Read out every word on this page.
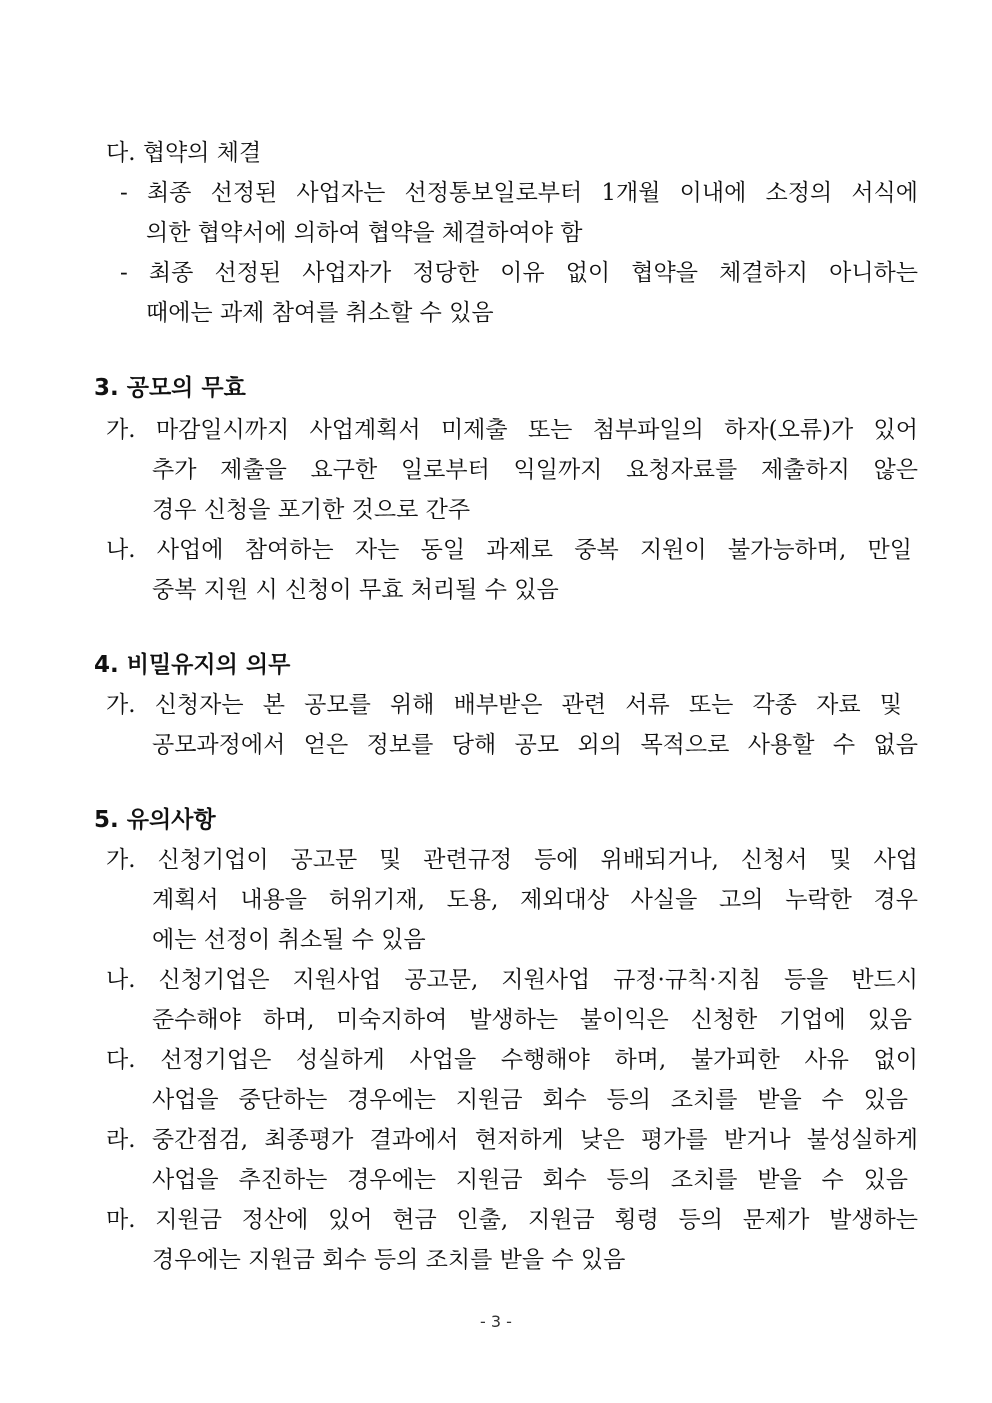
다. 협약의 체결
- 최종 선정된 사업자는 선정통보일로부터 1개월 이내에 소정의 서식에
의한 협약서에 의하여 협약을 체결하여야 함
- 최종 선정된 사업자가 정당한 이유 없이 협약을 체결하지 아니하는
때에는 과제 참여를 취소할 수 있음
3. 공모의 무효
가. 마감일시까지 사업계획서 미제출 또는 첨부파일의 하자(오류)가 있어
추가 제출을 요구한 일로부터 익일까지 요청자료를 제출하지 않은
경우 신청을 포기한 것으로 간주
나. 사업에 참여하는 자는 동일 과제로 중복 지원이 불가능하며, 만일
중복 지원 시 신청이 무효 처리될 수 있음
4. 비밀유지의 의무
가. 신청자는 본 공모를 위해 배부받은 관련 서류 또는 각종 자료 및
공모과정에서 얻은 정보를 당해 공모 외의 목적으로 사용할 수 없음
5. 유의사항
가. 신청기업이 공고문 및 관련규정 등에 위배되거나, 신청서 및 사업
계획서 내용을 허위기재, 도용, 제외대상 사실을 고의 누락한 경우
에는 선정이 취소될 수 있음
나. 신청기업은 지원사업 공고문, 지원사업 규정·규칙·지침 등을 반드시
준수해야 하며, 미숙지하여 발생하는 불이익은 신청한 기업에 있음
다. 선정기업은 성실하게 사업을 수행해야 하며, 불가피한 사유 없이
사업을 중단하는 경우에는 지원금 회수 등의 조치를 받을 수 있음
라. 중간점검, 최종평가 결과에서 현저하게 낮은 평가를 받거나 불성실하게
사업을 추진하는 경우에는 지원금 회수 등의 조치를 받을 수 있음
마. 지원금 정산에 있어 현금 인출, 지원금 횡령 등의 문제가 발생하는
경우에는 지원금 회수 등의 조치를 받을 수 있음
- 3 -
